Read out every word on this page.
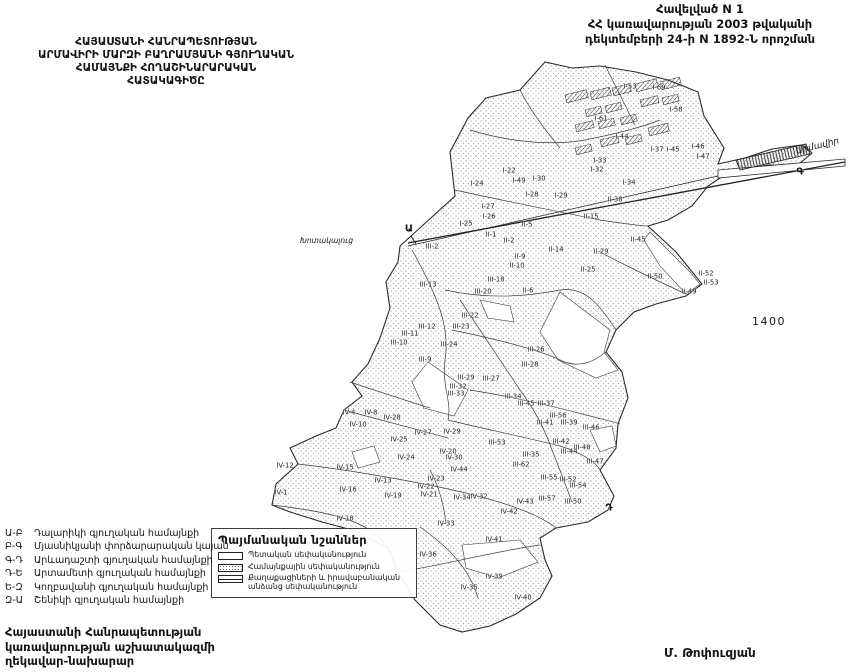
I-53 I-69
I-58
I-61
I-44
I-37 I-45 I-46
I-47
I-33
I-32
I-22
I-49 I-30
I-24	I-34
I-28 I-29
I-27
I-26
I-25
II-38
II-15
II-5
II-1
II-2	II-45
II-14	II-29
II-9
II-10	II-25
II-50	II-52
II-53
II-49
II-6
III-2
III-13
III-18
III-20
III-22
III-12 III-23
III-11
III-10	III-24
III-26
III-9
III-28
III-29 III-27
III-32
III-33	III-34
III-45 III-37
III-56
III-41 III-39
III-46
III-42
III-53
III-48
III-44
III-35
III-47
III-62
III-55 III-52
III-54
III-57 III-50
IV-4 IV-8
IV-28
IV-10
IV-27 IV-29
IV-25
IV-20
IV-24	IV-30
IV-12	IV-15	IV-44
IV-23
IV-13
IV-22
IV-1	IV-16
IV-21
IV-19	IV-34 IV-32
IV-43
IV-42
IV-18
IV-33
IV-41
IV-36
IV-39
IV-35
IV-40
Ա
Գ
Դ
1400
Արմավիր
Խոտակալուց
Հավելված N 1
ՀՀ կառավարության 2003 թվականի
դեկտեմբերի 24-ի N 1892-Ն որոշման
ՀԱՅԱՍՏԱՆԻ ՀԱՆՐԱՊԵՏՈՒԹՅԱՆ
ԱՐՄԱՎԻՐԻ ՄԱՐԶԻ ԲԱՂՐԱՄՅԱՆԻ ԳՅՈՒՂԱԿԱՆ
ՀԱՄԱՅՆՔԻ ՀՈՂԱՇԻՆԱՐԱՐԱԿԱՆ
ՀԱՏԱԿԱԳԻԾԸ
Պայմանական նշաններ
Պետական սեփականություն
Համայնքային սեփականություն
Քաղաքացիների և իրավաբանական անձանց սեփականություն
Ա-Բ	Դալարիկի գյուղական համայնքի
Բ-Գ	Մյասնիկյանի փորձարարական կայան
Գ-Դ	Արևադաշտի գյուղական համայնքի
Դ-Ե	Արտամետի գյուղական համայնքի
Ե-Զ	Կողբավանի գյուղական համայնքի
Զ-Ա	Շենիկի գյուղական համայնքի
Հայաստանի Հանրապետության
կառավարության աշխատակազմի
ղեկավար-նախարար
Մ. Թոփուզյան
